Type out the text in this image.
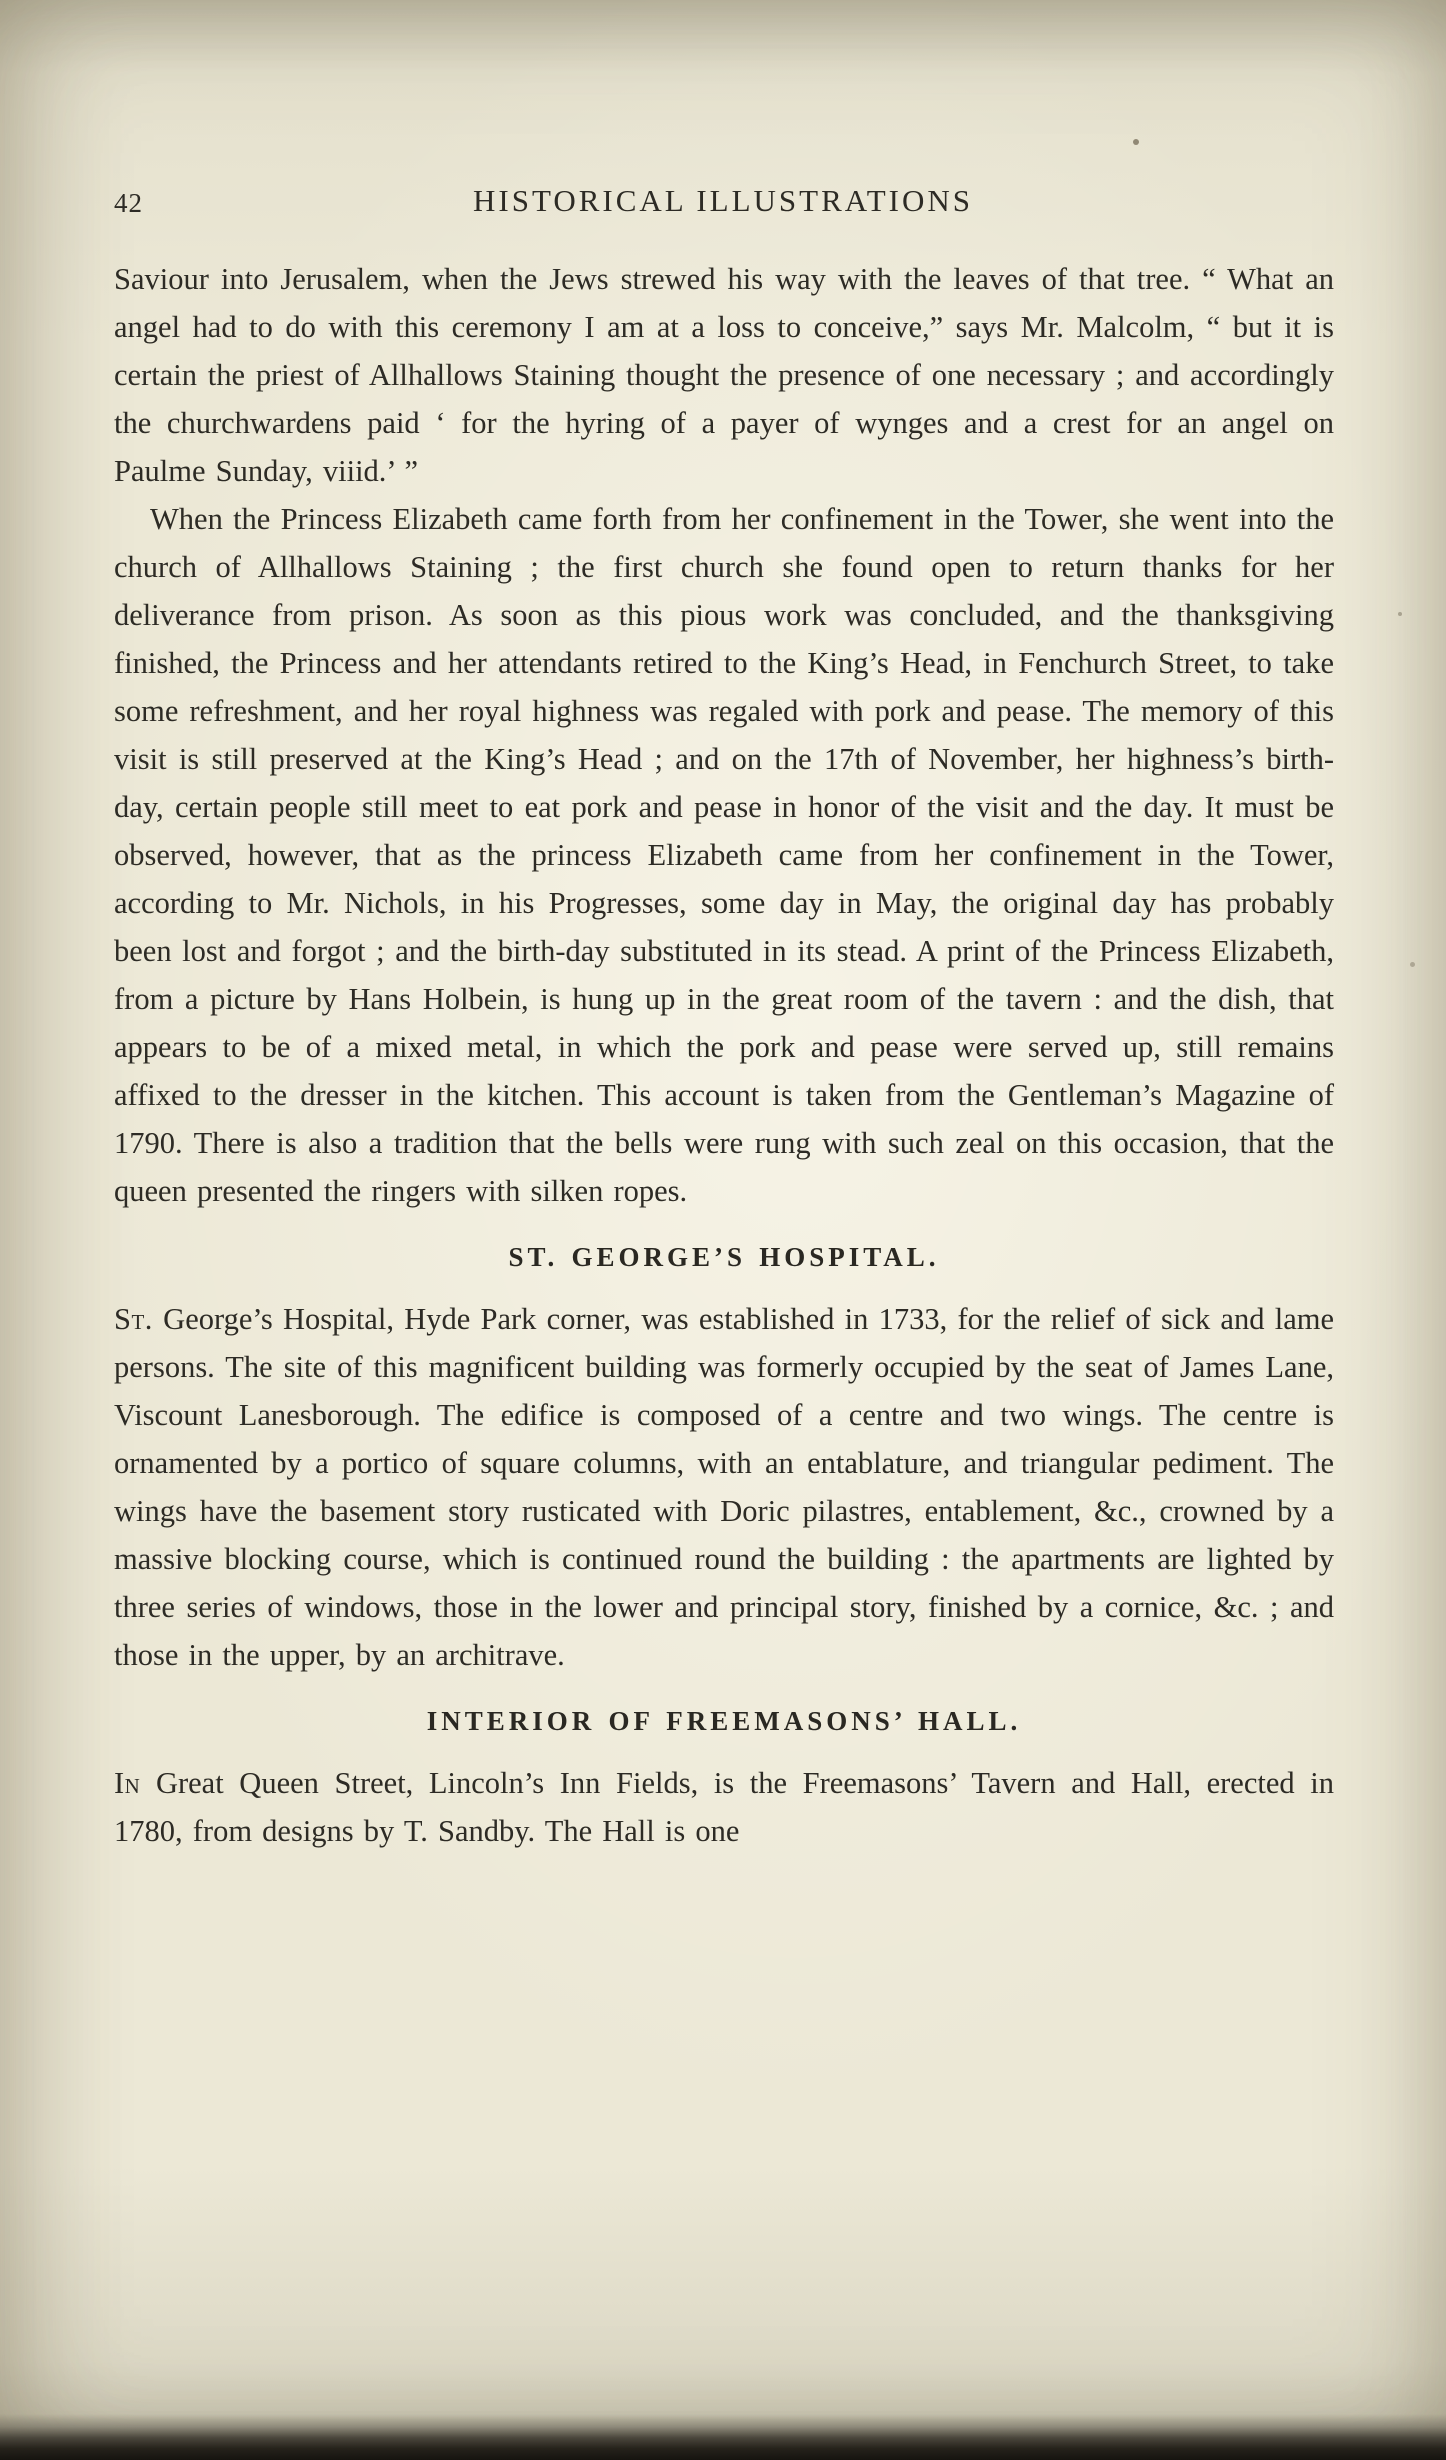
42	HISTORICAL ILLUSTRATIONS

Saviour into Jerusalem, when the Jews strewed his way with the leaves of that tree. “ What an angel had to do with this ceremony I am at a loss to conceive,” says Mr. Malcolm, “ but it is certain the priest of Allhallows Staining thought the presence of one necessary ; and accordingly the churchwardens paid ‘ for the hyring of a payer of wynges and a crest for an angel on Paulme Sunday, viiid.’ ”

When the Princess Elizabeth came forth from her confinement in the Tower, she went into the church of Allhallows Staining ; the first church she found open to return thanks for her deliverance from prison. As soon as this pious work was concluded, and the thanksgiving finished, the Princess and her attendants retired to the King’s Head, in Fenchurch Street, to take some refreshment, and her royal highness was regaled with pork and pease. The memory of this visit is still preserved at the King’s Head ; and on the 17th of November, her highness’s birth-day, certain people still meet to eat pork and pease in honor of the visit and the day. It must be observed, however, that as the princess Elizabeth came from her confinement in the Tower, according to Mr. Nichols, in his Progresses, some day in May, the original day has probably been lost and forgot ; and the birth-day substituted in its stead. A print of the Princess Elizabeth, from a picture by Hans Holbein, is hung up in the great room of the tavern : and the dish, that appears to be of a mixed metal, in which the pork and pease were served up, still remains affixed to the dresser in the kitchen. This account is taken from the Gentleman’s Magazine of 1790. There is also a tradition that the bells were rung with such zeal on this occasion, that the queen presented the ringers with silken ropes.

ST. GEORGE’S HOSPITAL.

St. George’s Hospital, Hyde Park corner, was established in 1733, for the relief of sick and lame persons. The site of this magnificent building was formerly occupied by the seat of James Lane, Viscount Lanesborough. The edifice is composed of a centre and two wings. The centre is ornamented by a portico of square columns, with an entablature, and triangular pediment. The wings have the basement story rusticated with Doric pilastres, entablement, &c., crowned by a massive blocking course, which is continued round the building : the apartments are lighted by three series of windows, those in the lower and principal story, finished by a cornice, &c. ; and those in the upper, by an architrave.

INTERIOR OF FREEMASONS’ HALL.

In Great Queen Street, Lincoln’s Inn Fields, is the Freemasons’ Tavern and Hall, erected in 1780, from designs by T. Sandby. The Hall is one
